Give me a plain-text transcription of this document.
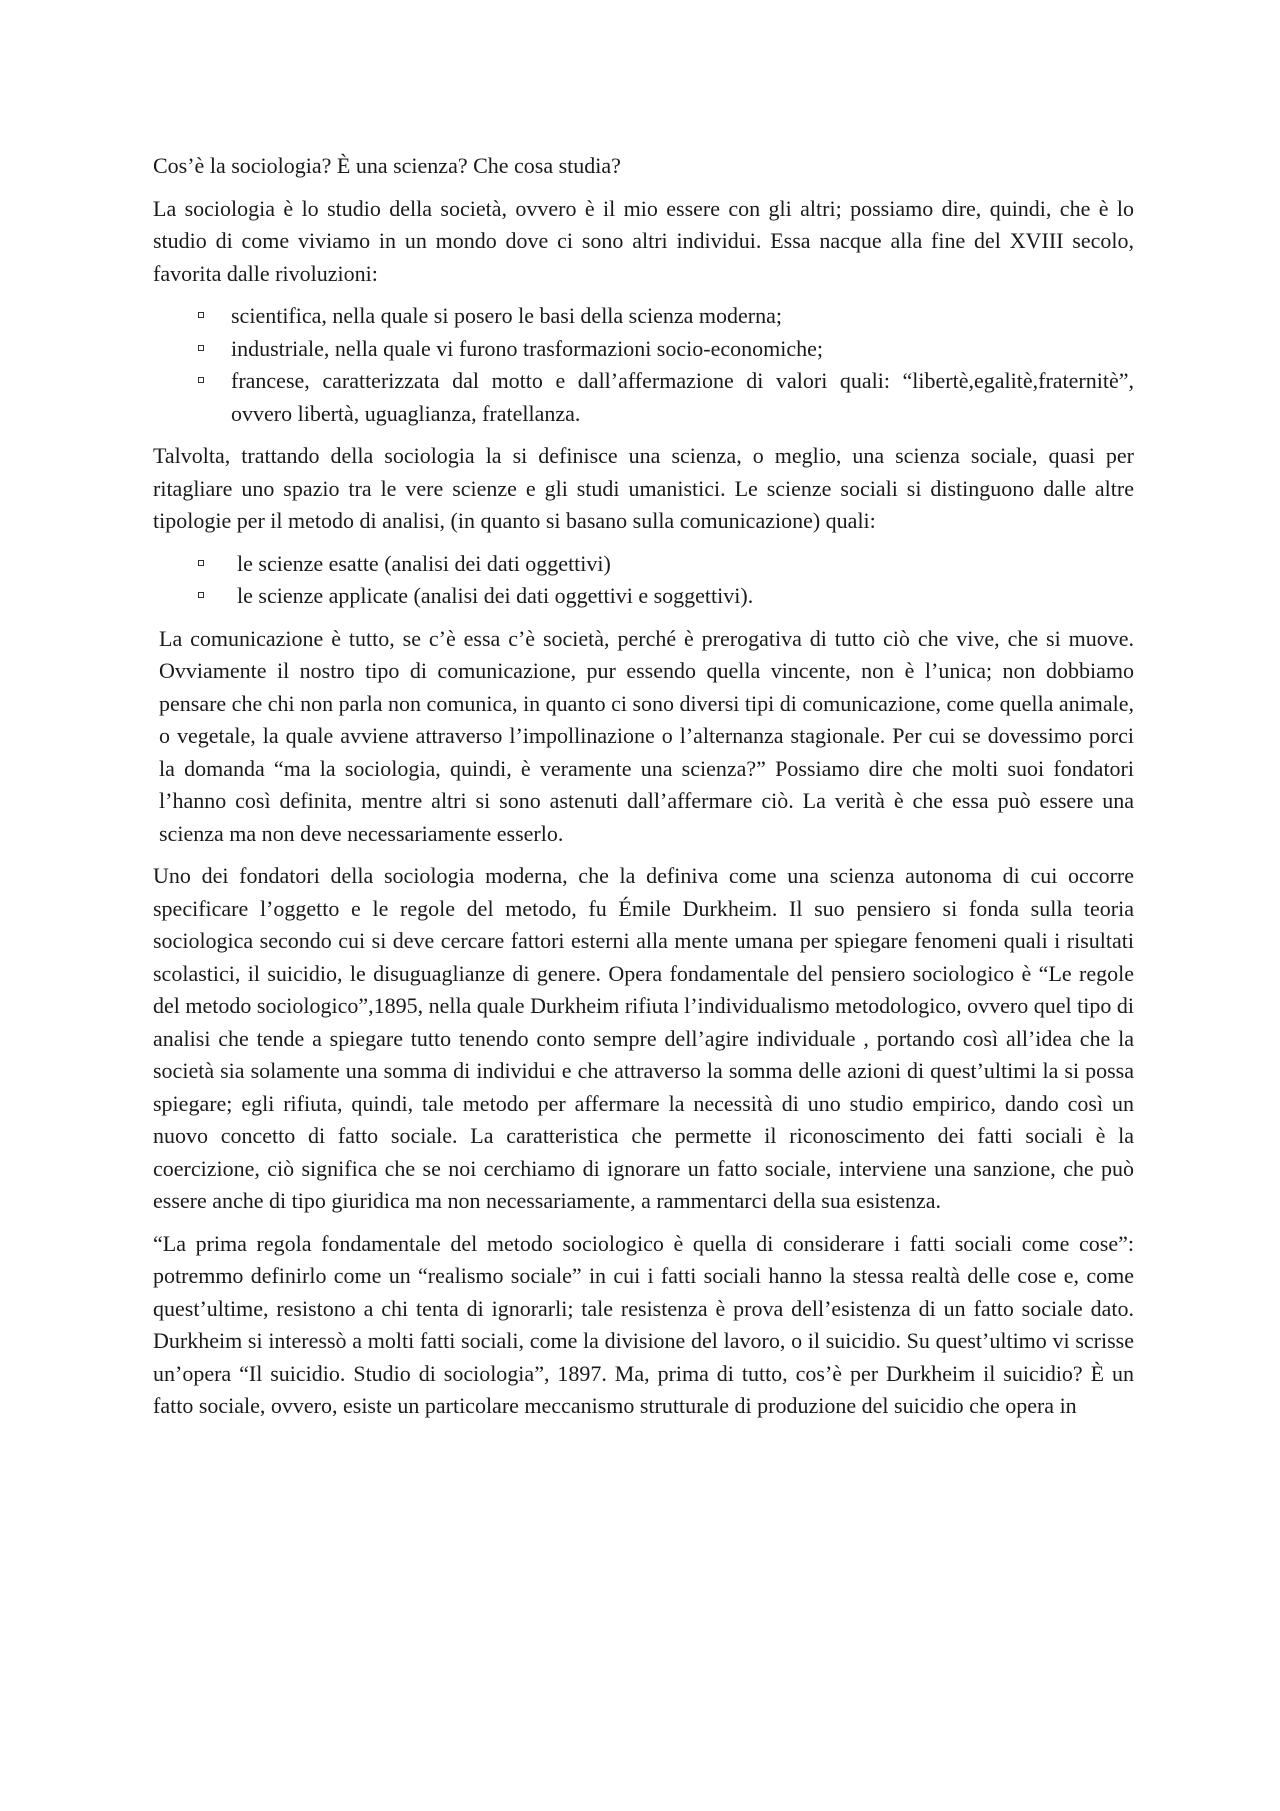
Cos’è la sociologia? È una scienza? Che cosa studia?

La sociologia è lo studio della società, ovvero è il mio essere con gli altri; possiamo dire, quindi, che è lo studio di come viviamo in un mondo dove ci sono altri individui. Essa nacque alla fine del XVIII secolo, favorita dalle rivoluzioni:

scientifica, nella quale si posero le basi della scienza moderna;
industriale, nella quale vi furono trasformazioni socio-economiche;
francese, caratterizzata dal motto e dall’affermazione di valori quali: “libertè,egalitè,fraternitè”, ovvero libertà, uguaglianza, fratellanza.

Talvolta, trattando della sociologia la si definisce una scienza, o meglio, una scienza sociale, quasi per ritagliare uno spazio tra le vere scienze e gli studi umanistici. Le scienze sociali si distinguono dalle altre tipologie per il metodo di analisi, (in quanto si basano sulla comunicazione) quali:

le scienze esatte (analisi dei dati oggettivi)
le scienze applicate (analisi dei dati oggettivi e soggettivi).

La comunicazione è tutto, se c’è essa c’è società, perché è prerogativa di tutto ciò che vive, che si muove. Ovviamente il nostro tipo di comunicazione, pur essendo quella vincente, non è l’unica; non dobbiamo pensare che chi non parla non comunica, in quanto ci sono diversi tipi di comunicazione, come quella animale, o vegetale, la quale avviene attraverso l’impollinazione o l’alternanza stagionale. Per cui se dovessimo porci la domanda “ma la sociologia, quindi, è veramente una scienza?” Possiamo dire che molti suoi fondatori l’hanno così definita, mentre altri si sono astenuti dall’affermare ciò. La verità è che essa può essere una scienza ma non deve necessariamente esserlo.

Uno dei fondatori della sociologia moderna, che la definiva come una scienza autonoma di cui occorre specificare l’oggetto e le regole del metodo, fu Émile Durkheim. Il suo pensiero si fonda sulla teoria sociologica secondo cui si deve cercare fattori esterni alla mente umana per spiegare fenomeni quali i risultati scolastici, il suicidio, le disuguaglianze di genere. Opera fondamentale del pensiero sociologico è “Le regole del metodo sociologico”,1895, nella quale Durkheim rifiuta l’individualismo metodologico, ovvero quel tipo di analisi che tende a spiegare tutto tenendo conto sempre dell’agire individuale , portando così all’idea che la società sia solamente una somma di individui e che attraverso la somma delle azioni di quest’ultimi la si possa spiegare; egli rifiuta, quindi, tale metodo per affermare la necessità di uno studio empirico, dando così un nuovo concetto di fatto sociale. La caratteristica che permette il riconoscimento dei fatti sociali è la coercizione, ciò significa che se noi cerchiamo di ignorare un fatto sociale, interviene una sanzione, che può essere anche di tipo giuridica ma non necessariamente, a rammentarci della sua esistenza.

“La prima regola fondamentale del metodo sociologico è quella di considerare i fatti sociali come cose”: potremmo definirlo come un “realismo sociale” in cui i fatti sociali hanno la stessa realtà delle cose e, come quest’ultime, resistono a chi tenta di ignorarli; tale resistenza è prova dell’esistenza di un fatto sociale dato. Durkheim si interessò a molti fatti sociali, come la divisione del lavoro, o il suicidio. Su quest’ultimo vi scrisse un’opera “Il suicidio. Studio di sociologia”, 1897. Ma, prima di tutto, cos’è per Durkheim il suicidio? È un fatto sociale, ovvero, esiste un particolare meccanismo strutturale di produzione del suicidio che opera in
